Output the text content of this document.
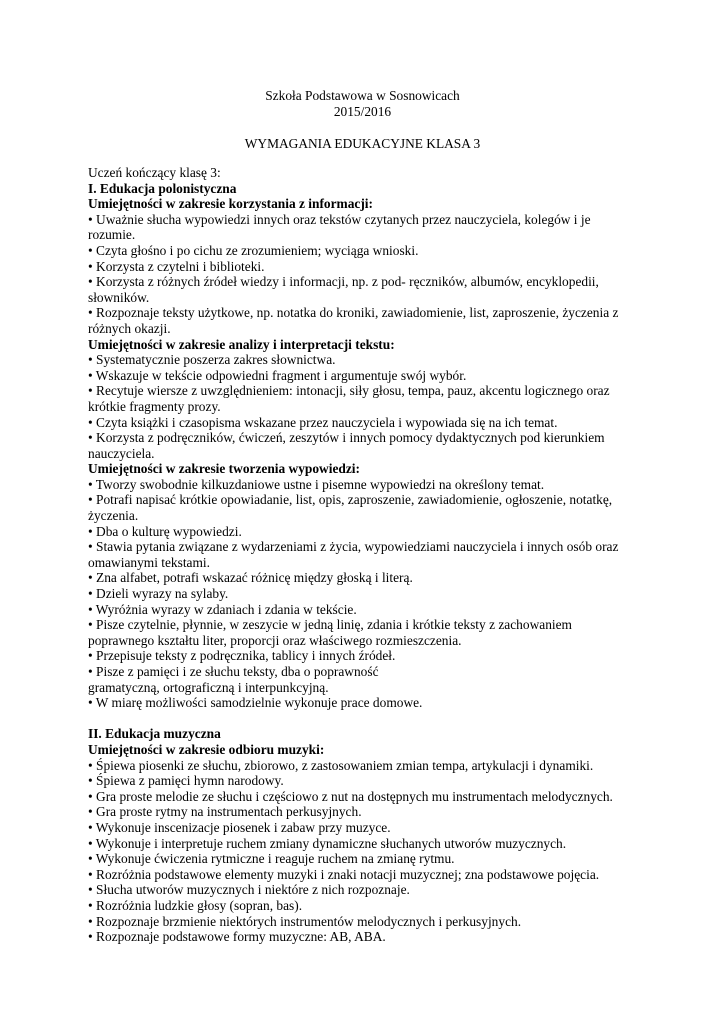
Szkoła Podstawowa w Sosnowicach
2015/2016
WYMAGANIA EDUKACYJNE KLASA 3
Uczeń kończący klasę 3:
I. Edukacja polonistyczna
Umiejętności w zakresie korzystania z informacji:
• Uważnie słucha wypowiedzi innych oraz tekstów czytanych przez nauczyciela, kolegów i je
rozumie.
• Czyta głośno i po cichu ze zrozumieniem; wyciąga wnioski.
• Korzysta z czytelni i biblioteki.
• Korzysta z różnych źródeł wiedzy i informacji, np. z pod- ręczników, albumów, encyklopedii,
słowników.
• Rozpoznaje teksty użytkowe, np. notatka do kroniki, zawiadomienie, list, zaproszenie, życzenia z
różnych okazji.
Umiejętności w zakresie analizy i interpretacji tekstu:
• Systematycznie poszerza zakres słownictwa.
• Wskazuje w tekście odpowiedni fragment i argumentuje swój wybór.
• Recytuje wiersze z uwzględnieniem: intonacji, siły głosu, tempa, pauz, akcentu logicznego oraz
krótkie fragmenty prozy.
• Czyta książki i czasopisma wskazane przez nauczyciela i wypowiada się na ich temat.
• Korzysta z podręczników, ćwiczeń, zeszytów i innych pomocy dydaktycznych pod kierunkiem
nauczyciela.
Umiejętności w zakresie tworzenia wypowiedzi:
• Tworzy swobodnie kilkuzdaniowe ustne i pisemne wypowiedzi na określony temat.
• Potrafi napisać krótkie opowiadanie, list, opis, zaproszenie, zawiadomienie, ogłoszenie, notatkę,
życzenia.
• Dba o kulturę wypowiedzi.
• Stawia pytania związane z wydarzeniami z życia, wypowiedziami nauczyciela i innych osób oraz
omawianymi tekstami.
• Zna alfabet, potrafi wskazać różnicę między głoską i literą.
• Dzieli wyrazy na sylaby.
• Wyróżnia wyrazy w zdaniach i zdania w tekście.
• Pisze czytelnie, płynnie, w zeszycie w jedną linię, zdania i krótkie teksty z zachowaniem
poprawnego kształtu liter, proporcji oraz właściwego rozmieszczenia.
• Przepisuje teksty z podręcznika, tablicy i innych źródeł.
• Pisze z pamięci i ze słuchu teksty, dba o poprawność
gramatyczną, ortograficzną i interpunkcyjną.
• W miarę możliwości samodzielnie wykonuje prace domowe.
II. Edukacja muzyczna
Umiejętności w zakresie odbioru muzyki:
• Śpiewa piosenki ze słuchu, zbiorowo, z zastosowaniem zmian tempa, artykulacji i dynamiki.
• Śpiewa z pamięci hymn narodowy.
• Gra proste melodie ze słuchu i częściowo z nut na dostępnych mu instrumentach melodycznych.
• Gra proste rytmy na instrumentach perkusyjnych.
• Wykonuje inscenizacje piosenek i zabaw przy muzyce.
• Wykonuje i interpretuje ruchem zmiany dynamiczne słuchanych utworów muzycznych.
• Wykonuje ćwiczenia rytmiczne i reaguje ruchem na zmianę rytmu.
• Rozróżnia podstawowe elementy muzyki i znaki notacji muzycznej; zna podstawowe pojęcia.
• Słucha utworów muzycznych i niektóre z nich rozpoznaje.
• Rozróżnia ludzkie głosy (sopran, bas).
• Rozpoznaje brzmienie niektórych instrumentów melodycznych i perkusyjnych.
• Rozpoznaje podstawowe formy muzyczne: AB, ABA.
